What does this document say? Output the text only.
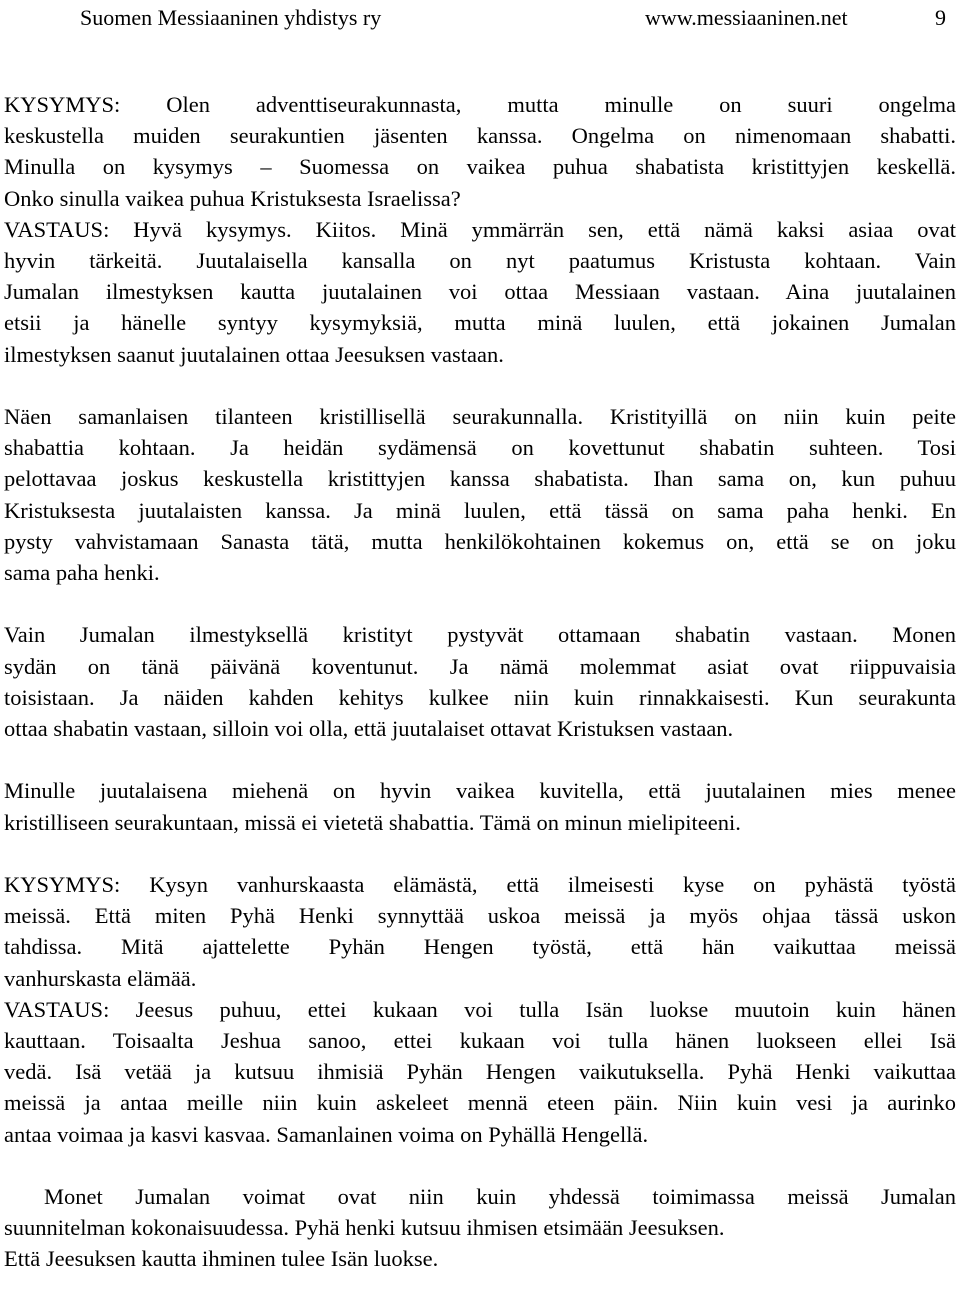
Suomen Messiaaninen yhdistys ry	www.messiaaninen.net	9
KYSYMYS: Olen adventtiseurakunnasta, mutta minulle on suuri ongelma
keskustella muiden seurakuntien jäsenten kanssa. Ongelma on nimenomaan shabatti.
Minulla on kysymys – Suomessa on vaikea puhua shabatista kristittyjen keskellä.
Onko sinulla vaikea puhua Kristuksesta Israelissa?
VASTAUS: Hyvä kysymys. Kiitos. Minä ymmärrän sen, että nämä kaksi asiaa ovat
hyvin tärkeitä. Juutalaisella kansalla on nyt paatumus Kristusta kohtaan. Vain
Jumalan ilmestyksen kautta juutalainen voi ottaa Messiaan vastaan. Aina juutalainen
etsii ja hänelle syntyy kysymyksiä, mutta minä luulen, että jokainen Jumalan
ilmestyksen saanut juutalainen ottaa Jeesuksen vastaan.
Näen samanlaisen tilanteen kristillisellä seurakunnalla. Kristityillä on niin kuin peite
shabattia kohtaan. Ja heidän sydämensä on kovettunut shabatin suhteen. Tosi
pelottavaa joskus keskustella kristittyjen kanssa shabatista. Ihan sama on, kun puhuu
Kristuksesta juutalaisten kanssa. Ja minä luulen, että tässä on sama paha henki. En
pysty vahvistamaan Sanasta tätä, mutta henkilökohtainen kokemus on, että se on joku
sama paha henki.
Vain Jumalan ilmestyksellä kristityt pystyvät ottamaan shabatin vastaan. Monen
sydän on tänä päivänä koventunut. Ja nämä molemmat asiat ovat riippuvaisia
toisistaan. Ja näiden kahden kehitys kulkee niin kuin rinnakkaisesti. Kun seurakunta
ottaa shabatin vastaan, silloin voi olla, että juutalaiset ottavat Kristuksen vastaan.
Minulle juutalaisena miehenä on hyvin vaikea kuvitella, että juutalainen mies menee
kristilliseen seurakuntaan, missä ei vietetä shabattia. Tämä on minun mielipiteeni.
KYSYMYS: Kysyn vanhurskaasta elämästä, että ilmeisesti kyse on pyhästä työstä
meissä. Että miten Pyhä Henki synnyttää uskoa meissä ja myös ohjaa tässä uskon
tahdissa. Mitä ajattelette Pyhän Hengen työstä, että hän vaikuttaa meissä
vanhurskasta elämää.
VASTAUS: Jeesus puhuu, ettei kukaan voi tulla Isän luokse muutoin kuin hänen
kauttaan. Toisaalta Jeshua sanoo, ettei kukaan voi tulla hänen luokseen ellei Isä
vedä. Isä vetää ja kutsuu ihmisiä Pyhän Hengen vaikutuksella. Pyhä Henki vaikuttaa
meissä ja antaa meille niin kuin askeleet mennä eteen päin. Niin kuin vesi ja aurinko
antaa voimaa ja kasvi kasvaa. Samanlainen voima on Pyhällä Hengellä.
Monet Jumalan voimat ovat niin kuin yhdessä toimimassa meissä Jumalan
suunnitelman kokonaisuudessa. Pyhä henki kutsuu ihmisen etsimään Jeesuksen.
Että Jeesuksen kautta ihminen tulee Isän luokse.
